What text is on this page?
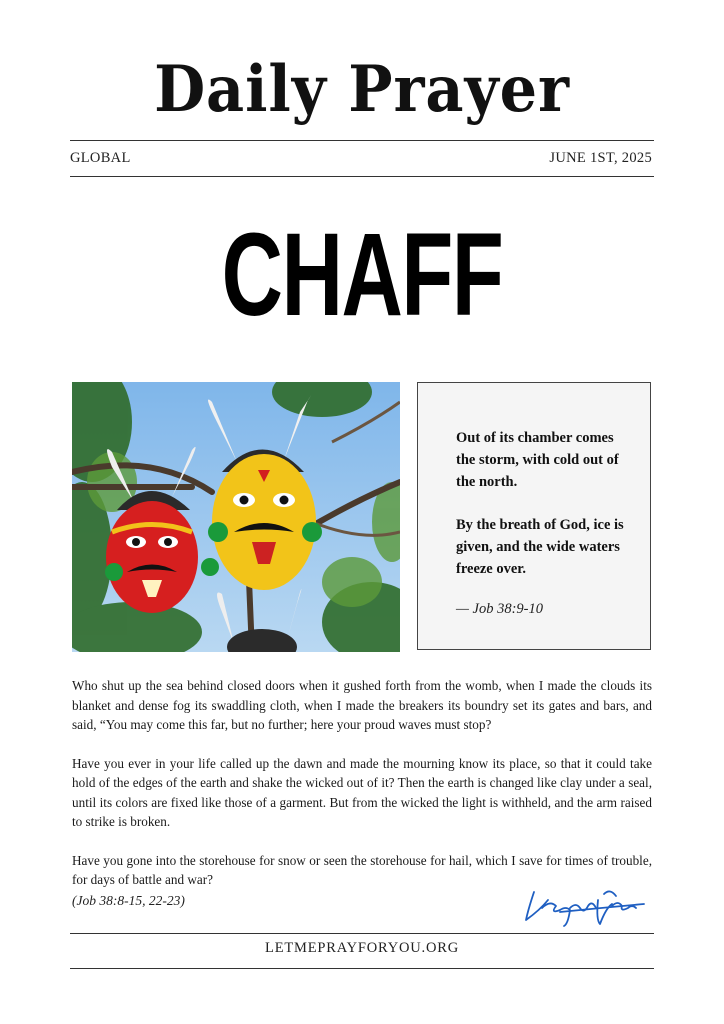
Daily Prayer
GLOBAL	JUNE 1ST, 2025
CHAFF

Out of its chamber comes the storm, with cold out of the north.

By the breath of God, ice is given, and the wide waters freeze over.

— Job 38:9-10

Who shut up the sea behind closed doors when it gushed forth from the womb, when I made the clouds its blanket and dense fog its swaddling cloth, when I made the breakers its boundry set its gates and bars, and said, “You may come this far, but no further; here your proud waves must stop?

Have you ever in your life called up the dawn and made the mourning know its place, so that it could take hold of the edges of the earth and shake the wicked out of it? Then the earth is changed like clay under a seal, until its colors are fixed like those of a garment. But from the wicked the light is withheld, and the arm raised to strike is broken.

Have you gone into the storehouse for snow or seen the storehouse for hail, which I save for times of trouble, for days of battle and war?

(Job 38:8-15, 22-23)
LETMEPRAYFORYOU.ORG
